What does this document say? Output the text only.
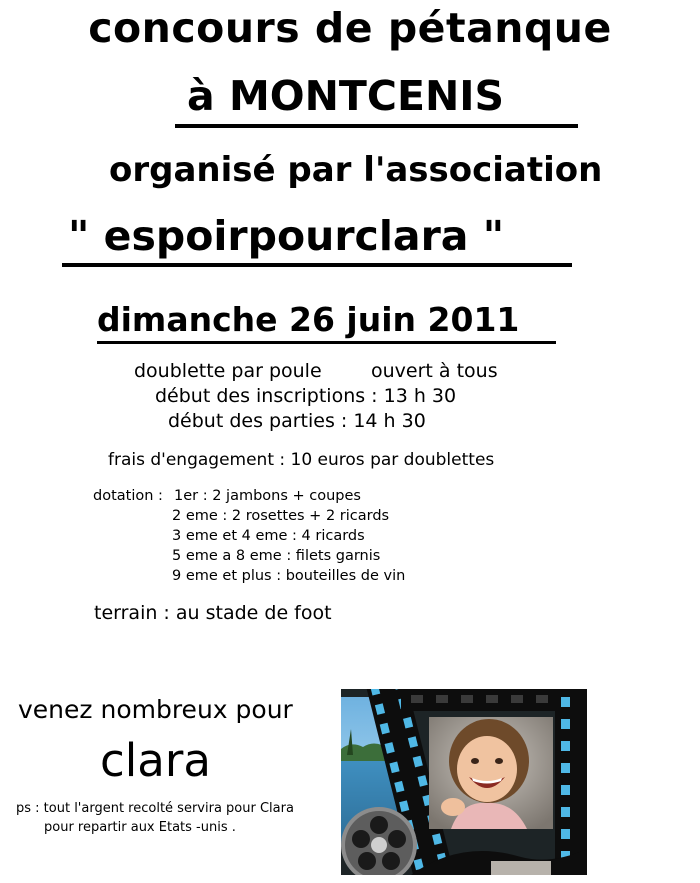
concours de pétanque
à MONTCENIS
organisé par l'association
" espoirpourclara "
dimanche 26 juin 2011
doublette par poule	ouvert à tous
début des inscriptions : 13 h 30
début des parties : 14 h 30
frais d'engagement : 10 euros par doublettes
dotation : 1er : 2 jambons + coupes
2 eme : 2 rosettes + 2 ricards
3 eme et 4 eme : 4 ricards
5 eme a 8 eme : filets garnis
9 eme et plus : bouteilles de vin
terrain : au stade de foot
venez nombreux pour
clara
ps : tout l'argent recolté servira pour Clara
pour repartir aux Etats -unis .
